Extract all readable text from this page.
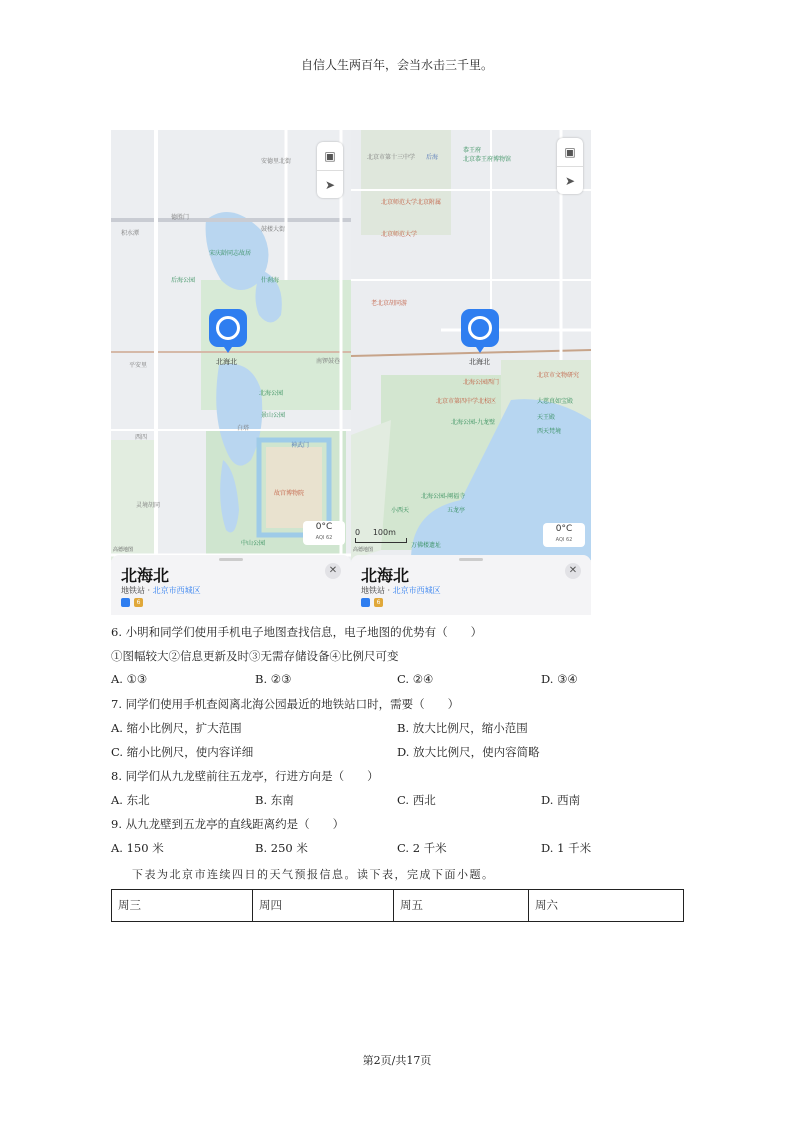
自信人生两百年，会当水击三千里。
安德里北街
德胜门
鼓楼大街
积水潭
宋庆龄同志故居
后海公园	什刹海
平安里
南锣鼓巷
北海公园
景山公园
白塔
西四
神武门
故宫博物院
灵境胡同
中山公园
▣
➤
北海北
0°C
AQI 62
高德地图
北海北	✕
地铁站 · 北京市西城区
6
北京市第十三中学 后海
恭王府
北京恭王府博物馆
北京师范大学北京附属
北京师范大学
老北京胡同游
北海公园西门
北京市第四中学北校区
北海公园-九龙壁
北京市文物研究
大慈真如宝殿
天王殿
西天梵境
北海公园-阐福寺
五龙亭
小西天
万佛楼遗址
▣
➤
北海北
0 100m	0°C
AQI 62
高德地图
北海北	✕
地铁站 · 北京市西城区
6
6. 小明和同学们使用手机电子地图查找信息，电子地图的优势有（　　）
①图幅较大②信息更新及时③无需存储设备④比例尺可变
A. ①③	B. ②③	C. ②④	D. ③④
7. 同学们使用手机查阅离北海公园最近的地铁站口时，需要（　　）
A. 缩小比例尺，扩大范围	B. 放大比例尺，缩小范围
C. 缩小比例尺，使内容详细	D. 放大比例尺，使内容简略
8. 同学们从九龙壁前往五龙亭，行进方向是（　　）
A. 东北	B. 东南	C. 西北	D. 西南
9. 从九龙壁到五龙亭的直线距离约是（　　）
A. 150 米	B. 250 米	C. 2 千米	D. 1 千米
下表为北京市连续四日的天气预报信息。读下表，完成下面小题。
周三	周四	周五	周六
第2页/共17页
